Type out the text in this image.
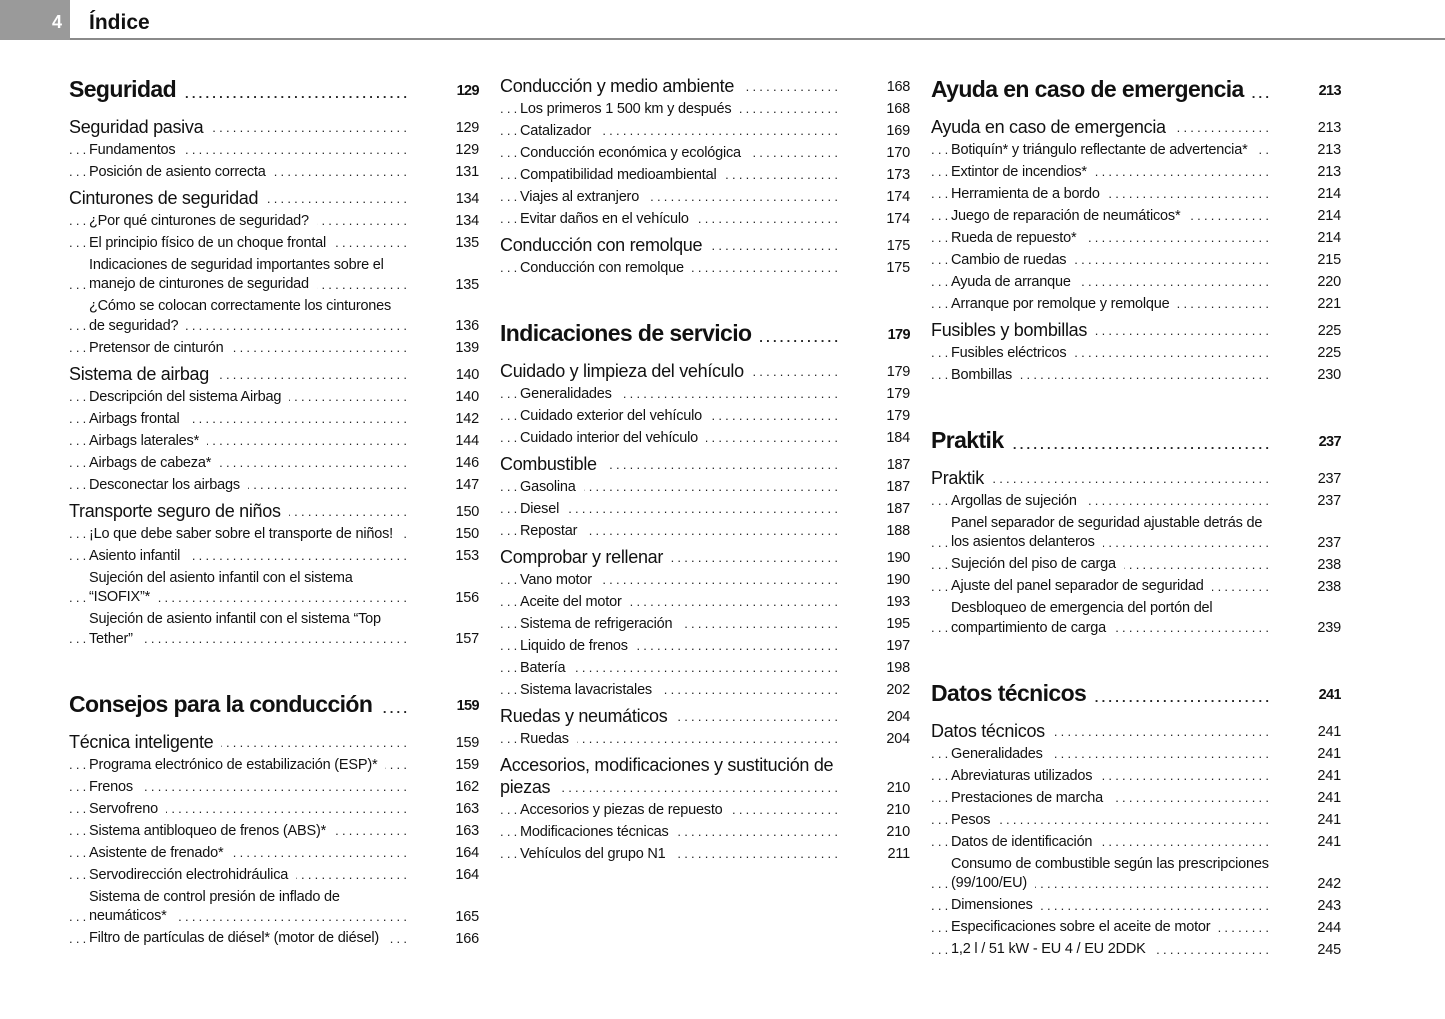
4 Índice
. . . Seguridad	129
. . . Seguridad pasiva	129
. . . Fundamentos	129
. . . Posición de asiento correcta	131
. . . Cinturones de seguridad	134
. . . ¿Por qué cinturones de seguridad?	134
. . . El principio físico de un choque frontal	135
. . . Indicaciones de seguridad importantes sobre el manejo de cinturones de seguridad	135
. . . ¿Cómo se colocan correctamente los cinturones de seguridad?	136
. . . Pretensor de cinturón	139
. . . Sistema de airbag	140
. . . Descripción del sistema Airbag	140
. . . Airbags frontal	142
. . . Airbags laterales*	144
. . . Airbags de cabeza*	146
. . . Desconectar los airbags	147
. . . Transporte seguro de niños	150
. . . ¡Lo que debe saber sobre el transporte de niños!	150
. . . Asiento infantil	153
. . . Sujeción del asiento infantil con el sistema “ISOFIX”*	156
. . . Sujeción de asiento infantil con el sistema “Top Tether”	157
. . . Consejos para la conducción	159
. . . Técnica inteligente	159
. . . Programa electrónico de estabilización (ESP)*	159
. . . Frenos	162
. . . Servofreno	163
. . . Sistema antibloqueo de frenos (ABS)*	163
. . . Asistente de frenado*	164
. . . Servodirección electrohidráulica	164
. . . Sistema de control presión de inflado de neumáticos*	165
. . . Filtro de partículas de diésel* (motor de diésel)	166
. . . Conducción y medio ambiente	168
. . . Los primeros 1 500 km y después	168
. . . Catalizador	169
. . . Conducción económica y ecológica	170
. . . Compatibilidad medioambiental	173
. . . Viajes al extranjero	174
. . . Evitar daños en el vehículo	174
. . . Conducción con remolque	175
. . . Conducción con remolque	175
. . . Indicaciones de servicio	179
. . . Cuidado y limpieza del vehículo	179
. . . Generalidades	179
. . . Cuidado exterior del vehículo	179
. . . Cuidado interior del vehículo	184
. . . Combustible	187
. . . Gasolina	187
. . . Diesel	187
. . . Repostar	188
. . . Comprobar y rellenar	190
. . . Vano motor	190
. . . Aceite del motor	193
. . . Sistema de refrigeración	195
. . . Liquido de frenos	197
. . . Batería	198
. . . Sistema lavacristales	202
. . . Ruedas y neumáticos	204
. . . Ruedas	204
. . . Accesorios, modificaciones y sustitución de piezas	210
. . . Accesorios y piezas de repuesto	210
. . . Modificaciones técnicas	210
. . . Vehículos del grupo N1	211
. . . Ayuda en caso de emergencia	213
. . . Ayuda en caso de emergencia	213
. . . Botiquín* y triángulo reflectante de advertencia*	213
. . . Extintor de incendios*	213
. . . Herramienta de a bordo	214
. . . Juego de reparación de neumáticos*	214
. . . Rueda de repuesto*	214
. . . Cambio de ruedas	215
. . . Ayuda de arranque	220
. . . Arranque por remolque y remolque	221
. . . Fusibles y bombillas	225
. . . Fusibles eléctricos	225
. . . Bombillas	230
. . . Praktik	237
. . . Praktik	237
. . . Argollas de sujeción	237
. . . Panel separador de seguridad ajustable detrás de los asientos delanteros	237
. . . Sujeción del piso de carga	238
. . . Ajuste del panel separador de seguridad	238
. . . Desbloqueo de emergencia del portón del compartimiento de carga	239
. . . Datos técnicos	241
. . . Datos técnicos	241
. . . Generalidades	241
. . . Abreviaturas utilizados	241
. . . Prestaciones de marcha	241
. . . Pesos	241
. . . Datos de identificación	241
. . . Consumo de combustible según las prescripciones (99/100/EU)	242
. . . Dimensiones	243
. . . Especificaciones sobre el aceite de motor	244
. . . 1,2 l / 51 kW - EU 4 / EU 2DDK	245
